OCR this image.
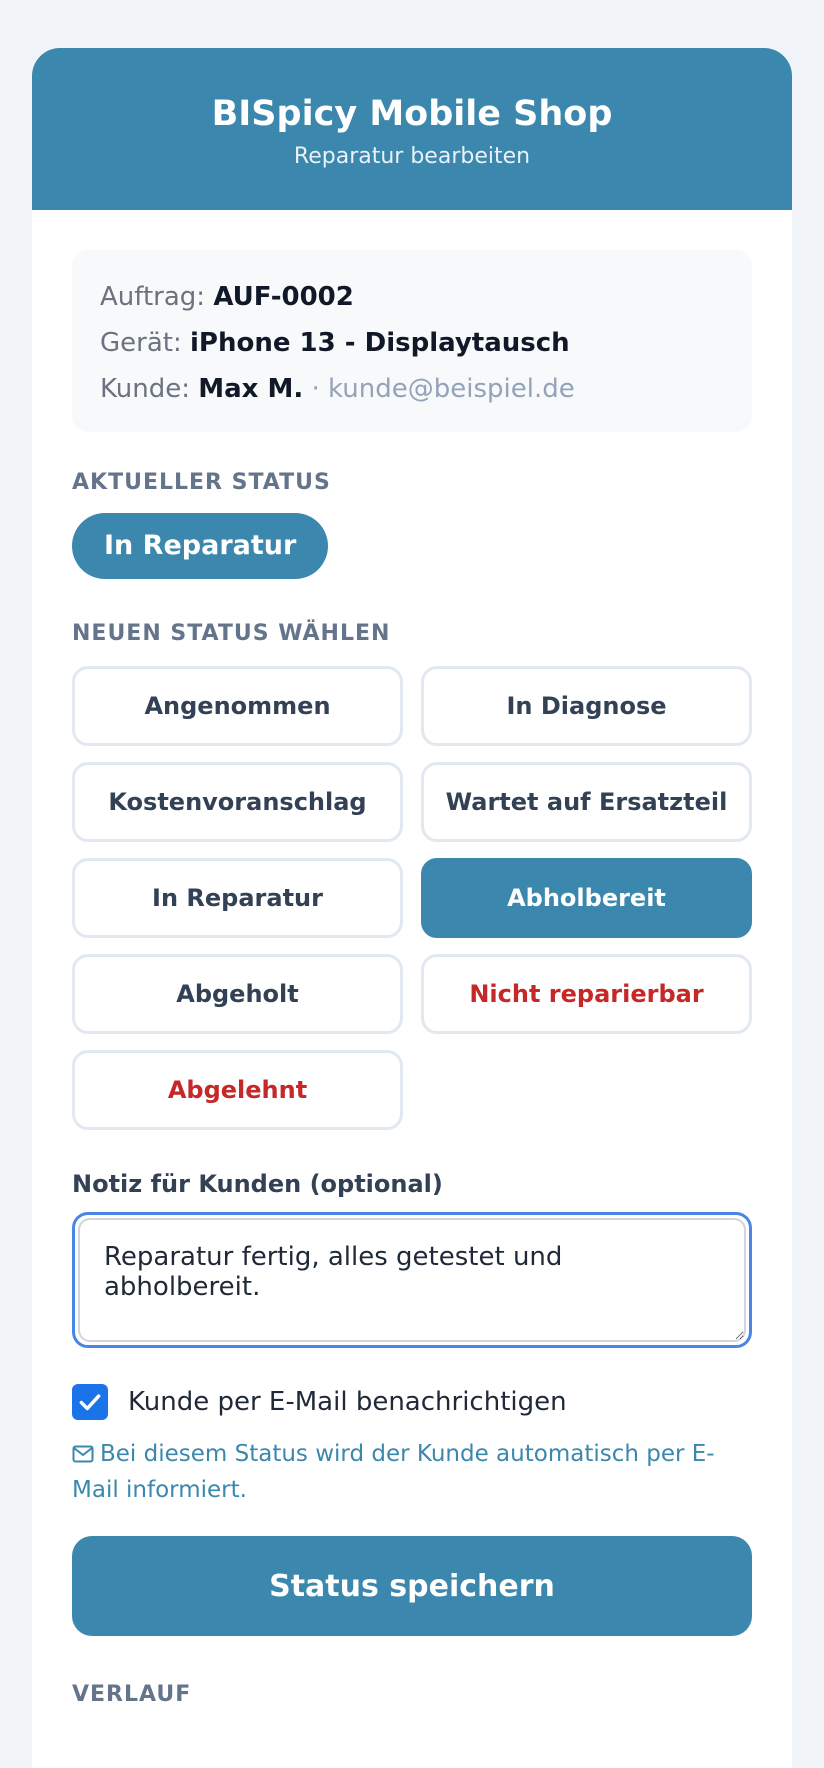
BISpicy Mobile Shop
Reparatur bearbeiten
Auftrag: AUF-0002
Gerät: iPhone 13 - Displaytausch
Kunde: Max M. · kunde@beispiel.de
AKTUELLER STATUS
In Reparatur
NEUEN STATUS WÄHLEN
Angenommen	In Diagnose
Kostenvoranschlag	Wartet auf Ersatzteil
In Reparatur	Abholbereit
Abgeholt	Nicht reparierbar
Abgelehnt
Notiz für Kunden (optional)
Reparatur fertig, alles getestet und abholbereit.
Kunde per E-Mail benachrichtigen
Bei diesem Status wird der Kunde automatisch per E-Mail informiert.
Status speichern
VERLAUF
